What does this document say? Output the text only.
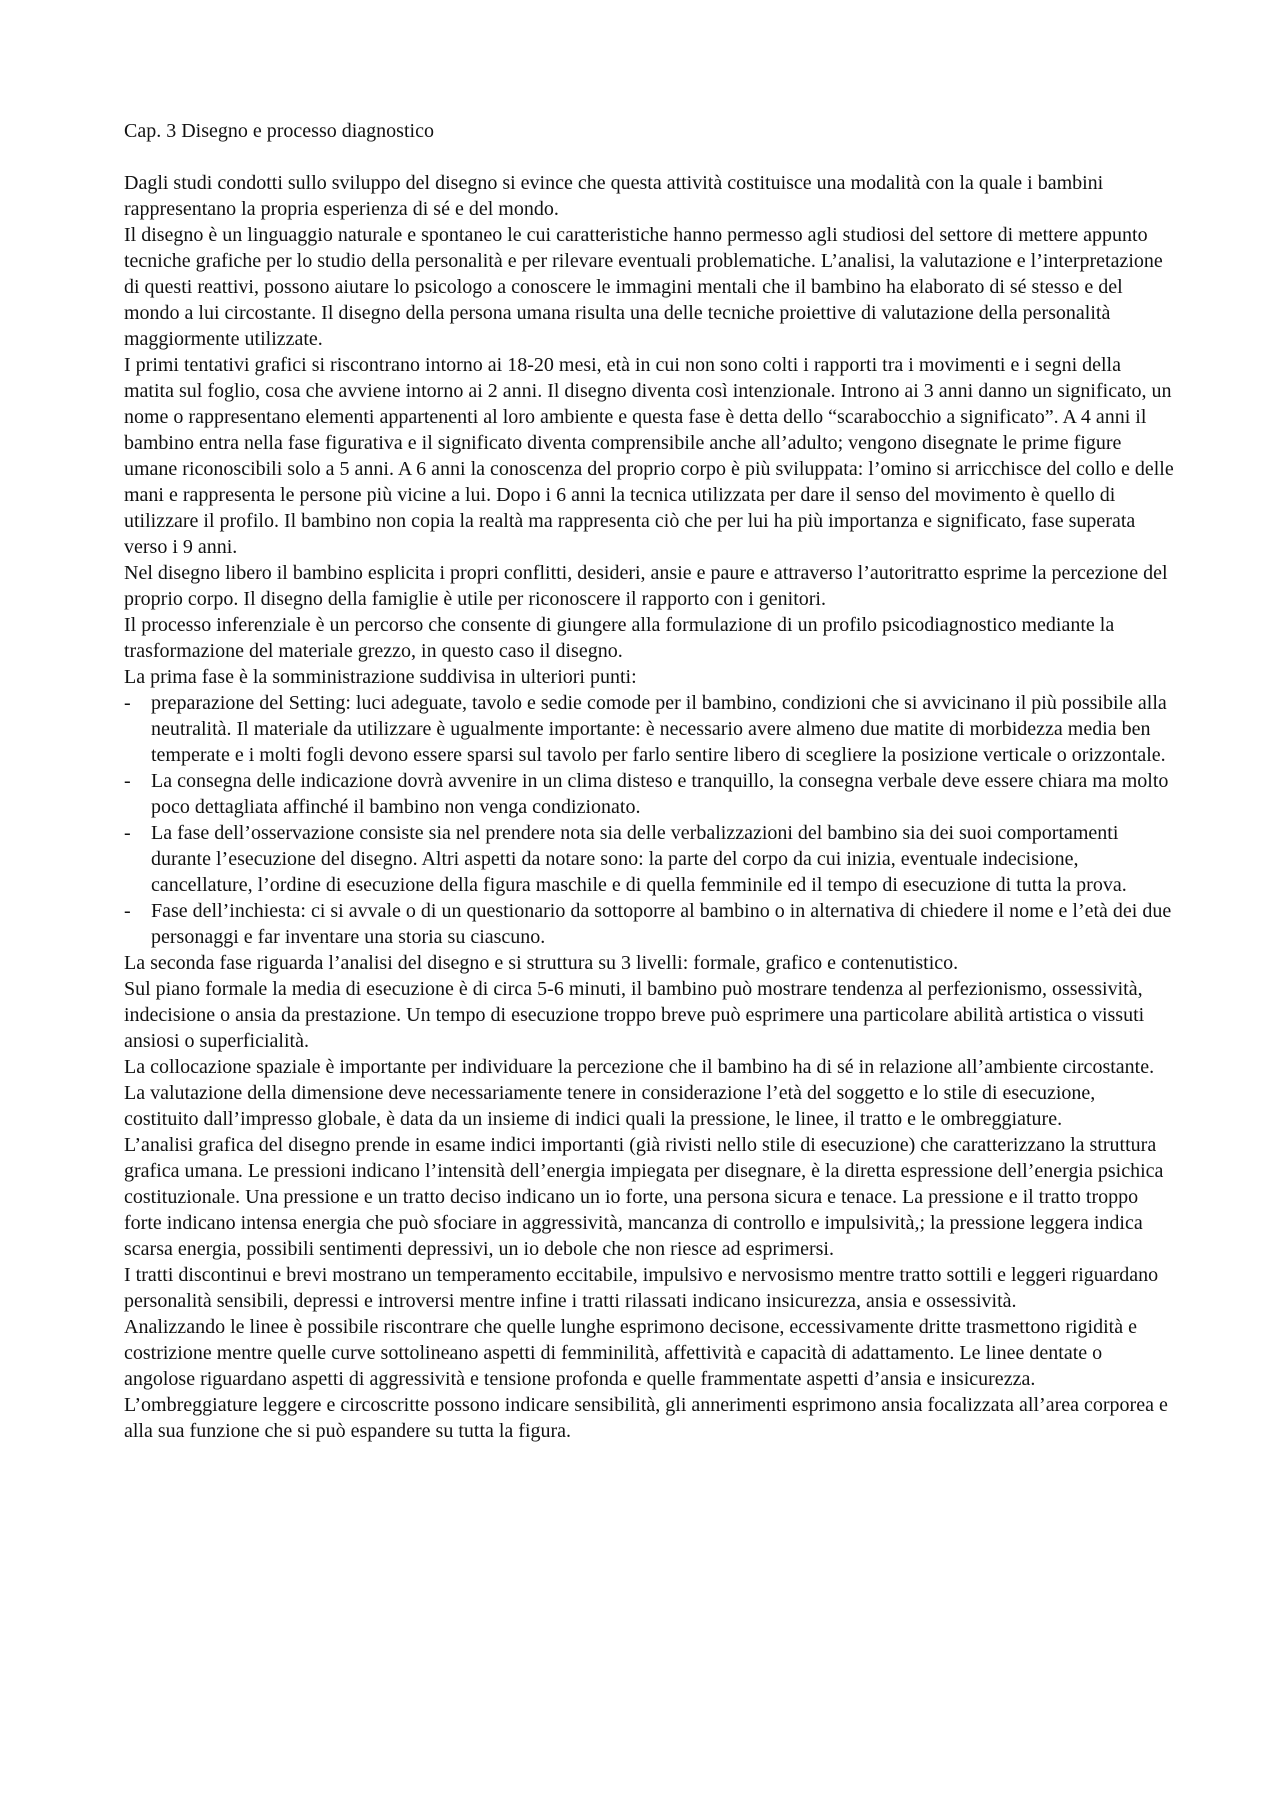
Cap. 3 Disegno e processo diagnostico

Dagli studi condotti sullo sviluppo del disegno si evince che questa attività costituisce una modalità con la quale i bambini rappresentano la propria esperienza di sé e del mondo.

Il disegno è un linguaggio naturale e spontaneo le cui caratteristiche hanno permesso agli studiosi del settore di mettere appunto tecniche grafiche per lo studio della personalità e per rilevare eventuali problematiche. L’analisi, la valutazione e l’interpretazione di questi reattivi, possono aiutare lo psicologo a conoscere le immagini mentali che il bambino ha elaborato di sé stesso e del mondo a lui circostante. Il disegno della persona umana risulta una delle tecniche proiettive di valutazione della personalità maggiormente utilizzate.

I primi tentativi grafici si riscontrano intorno ai 18-20 mesi, età in cui non sono colti i rapporti tra i movimenti e i segni della matita sul foglio, cosa che avviene intorno ai 2 anni. Il disegno diventa così intenzionale. Introno ai 3 anni danno un significato, un nome o rappresentano elementi appartenenti al loro ambiente e questa fase è detta dello “scarabocchio a significato”. A 4 anni il bambino entra nella fase figurativa e il significato diventa comprensibile anche all’adulto; vengono disegnate le prime figure umane riconoscibili solo a 5 anni. A 6 anni la conoscenza del proprio corpo è più sviluppata: l’omino si arricchisce del collo e delle mani e rappresenta le persone più vicine a lui. Dopo i 6 anni la tecnica utilizzata per dare il senso del movimento è quello di utilizzare il profilo. Il bambino non copia la realtà ma rappresenta ciò che per lui ha più importanza e significato, fase superata verso i 9 anni.

Nel disegno libero il bambino esplicita i propri conflitti, desideri, ansie e paure e attraverso l’autoritratto esprime la percezione del proprio corpo. Il disegno della famiglie è utile per riconoscere il rapporto con i genitori.

Il processo inferenziale è un percorso che consente di giungere alla formulazione di un profilo psicodiagnostico mediante la trasformazione del materiale grezzo, in questo caso il disegno.

La prima fase è la somministrazione suddivisa in ulteriori punti:

- preparazione del Setting: luci adeguate, tavolo e sedie comode per il bambino, condizioni che si avvicinano il più possibile alla neutralità. Il materiale da utilizzare è ugualmente importante: è necessario avere almeno due matite di morbidezza media ben temperate e i molti fogli devono essere sparsi sul tavolo per farlo sentire libero di scegliere la posizione verticale o orizzontale.
- La consegna delle indicazione dovrà avvenire in un clima disteso e tranquillo, la consegna verbale deve essere chiara ma molto poco dettagliata affinché il bambino non venga condizionato.
- La fase dell’osservazione consiste sia nel prendere nota sia delle verbalizzazioni del bambino sia dei suoi comportamenti durante l’esecuzione del disegno. Altri aspetti da notare sono: la parte del corpo da cui inizia, eventuale indecisione, cancellature, l’ordine di esecuzione della figura maschile e di quella femminile ed il tempo di esecuzione di tutta la prova.
- Fase dell’inchiesta: ci si avvale o di un questionario da sottoporre al bambino o in alternativa di chiedere il nome e l’età dei due personaggi e far inventare una storia su ciascuno.

La seconda fase riguarda l’analisi del disegno e si struttura su 3 livelli: formale, grafico e contenutistico.

Sul piano formale la media di esecuzione è di circa 5-6 minuti, il bambino può mostrare tendenza al perfezionismo, ossessività, indecisione o ansia da prestazione. Un tempo di esecuzione troppo breve può esprimere una particolare abilità artistica o vissuti ansiosi o superficialità.

La collocazione spaziale è importante per individuare la percezione che il bambino ha di sé in relazione all’ambiente circostante. La valutazione della dimensione deve necessariamente tenere in considerazione l’età del soggetto e lo stile di esecuzione, costituito dall’impresso globale, è data da un insieme di indici quali la pressione, le linee, il tratto e le ombreggiature.

L’analisi grafica del disegno prende in esame indici importanti (già rivisti nello stile di esecuzione) che caratterizzano la struttura grafica umana. Le pressioni indicano l’intensità dell’energia impiegata per disegnare, è la diretta espressione dell’energia psichica costituzionale. Una pressione e un tratto deciso indicano un io forte, una persona sicura e tenace. La pressione e il tratto troppo forte indicano intensa energia che può sfociare in aggressività, mancanza di controllo e impulsività,; la pressione leggera indica scarsa energia, possibili sentimenti depressivi, un io debole che non riesce ad esprimersi.

I tratti discontinui e brevi mostrano un temperamento eccitabile, impulsivo e nervosismo mentre tratto sottili e leggeri riguardano personalità sensibili, depressi e introversi mentre infine i tratti rilassati indicano insicurezza, ansia e ossessività.

Analizzando le linee è possibile riscontrare che quelle lunghe esprimono decisone, eccessivamente dritte trasmettono rigidità e costrizione mentre quelle curve sottolineano aspetti di femminilità, affettività e capacità di adattamento. Le linee dentate o angolose riguardano aspetti di aggressività e tensione profonda e quelle frammentate aspetti d’ansia e insicurezza.

L’ombreggiature leggere e circoscritte possono indicare sensibilità, gli annerimenti esprimono ansia focalizzata all’area corporea e alla sua funzione che si può espandere su tutta la figura.
